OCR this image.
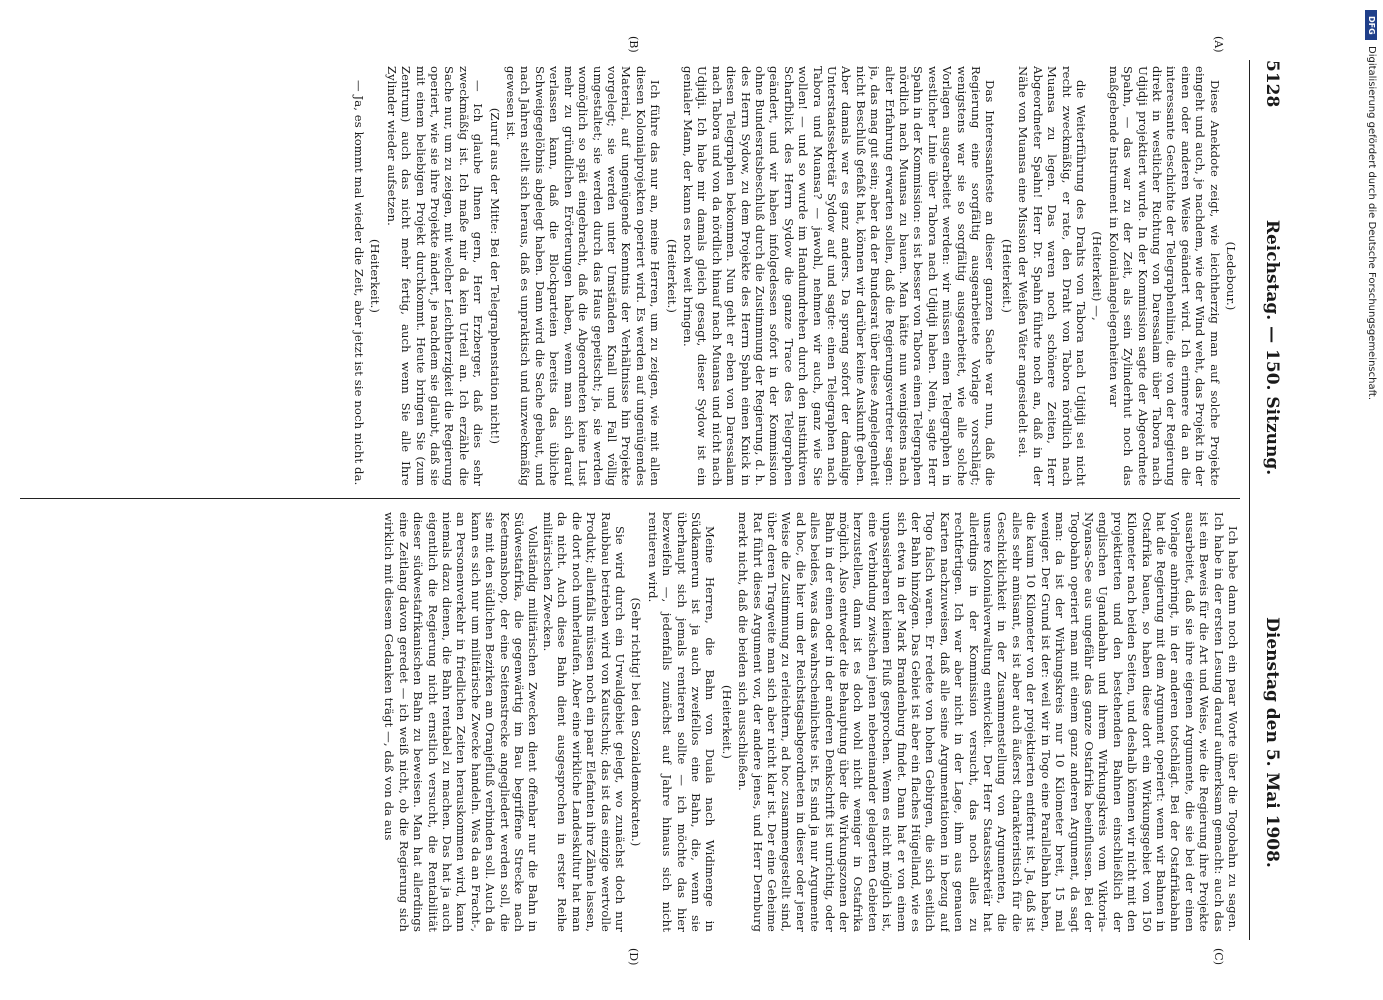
5128
Reichstag. — 150. Sitzung.
Dienstag den 5. Mai 1908.
(A)
(B)
(C)
(D)

(Ledebour.)

Diese Anekdote zeigt, wie leichtherzig man auf solche Projekte eingeht und auch, je nachdem, wie der Wind weht, das Projekt in der einen oder anderen Weise geändert wird. Ich erinnere da an die interessante Geschichte der Telegraphenlinie, die von der Regierung direkt in westlicher Richtung von Daressalam über Tabora nach Udjidji projektiert wurde. In der Kommission sagte der Abgeordnete Spahn, — das war zu der Zeit, als sein Zylinderhut noch das maßgebende Instrument in Kolonialangelegenheiten war

(Heiterkeit) —,

die Weiterführung des Drahts von Tabora nach Udjidji sei nicht recht zweckmäßig, er rate, den Draht von Tabora nördlich nach Muansa zu legen. Das waren noch schönere Zeiten, Herr Abgeordneter Spahn! Herr Dr. Spahn führte noch an, daß in der Nähe von Muansa eine Mission der Weißen Väter angesiedelt sei.

(Heiterkeit.)

Das Interessanteste an dieser ganzen Sache war nun, daß die Regierung eine sorgfältig ausgearbeitete Vorlage vorschlägt; wenigstens war sie so sorgfältig ausgearbeitet, wie alle solche Vorlagen ausgearbeitet werden: wir müssen einen Telegraphen in westlicher Linie über Tabora nach Udjidji haben. Nein, sagte Herr Spahn in der Kommission: es ist besser von Tabora einen Telegraphen nördlich nach Muansa zu bauen. Man hätte nun wenigstens nach alter Erfahrung erwarten sollen, daß die Regierungsvertreter sagen: ja, das mag gut sein; aber da der Bundesrat über diese Angelegenheit nicht Beschluß gefaßt hat, können wir darüber keine Auskunft geben. Aber damals war es ganz anders. Da sprang sofort der damalige Unterstaatssekretär Sydow auf und sagte: einen Telegraphen nach Tabora und Muansa? — jawohl, nehmen wir auch, ganz wie Sie wollen! — und so wurde im Handumdrehen durch den instinktiven Scharfblick des Herrn Sydow die ganze Trace des Telegraphen geändert, und wir haben infolgedessen sofort in der Kommission ohne Bundesratsbeschluß durch die Zustimmung der Regierung, d. h. des Herrn Sydow, zu dem Projekte des Herrn Spahn einen Knick in diesen Telegraphen bekommen. Nun geht er eben von Daressalam nach Tabora und von da nördlich hinauf nach Muansa und nicht nach Udjidji. Ich habe mir damals gleich gesagt, dieser Sydow ist ein genialer Mann, der kann es noch weit bringen.

(Heiterkeit.)

Ich führe das nur an, meine Herren, um zu zeigen, wie mit allen diesen Kolonialprojekten operiert wird. Es werden auf ungenügendes Material, auf ungenügende Kenntnis der Verhältnisse hin Projekte vorgelegt; sie werden unter Umständen Knall und Fall völlig umgestaltet; sie werden durch das Haus gepeitscht; ja, sie werden womöglich so spät eingebracht, daß die Abgeordneten keine Lust mehr zu gründlichen Erörterungen haben, wenn man sich darauf verlassen kann, daß die Blockparteien bereits das übliche Schweigegelöbnis abgelegt haben. Dann wird die Sache gebaut, und nach Jahren stellt sich heraus, daß es unpraktisch und unzweckmäßig gewesen ist.

(Zuruf aus der Mitte: Bei der Telegraphenstation nicht!)

— Ich glaube Ihnen gern, Herr Erzberger, daß dies sehr zweckmäßig ist. Ich maße mir da kein Urteil an. Ich erzähle die Sache nur, um zu zeigen, mit welcher Leichtherzigkeit die Regierung operiert, wie sie ihre Projekte ändert, je nachdem sie glaubt, daß sie mit einem beliebigen Projekt durchkommt. Heute bringen Sie (zum Zentrum) auch das nicht mehr fertig, auch wenn Sie alle Ihre Zylinder wieder aufsetzen.

(Heiterkeit.)

— Ja, es kommt mal wieder die Zeit, aber jetzt ist sie noch nicht da.

Ich habe dann noch ein paar Worte über die Togobahn zu sagen. Ich habe in der ersten Lesung darauf aufmerksam gemacht: auch das ist ein Beweis für die Art und Weise, wie die Regierung ihre Projekte ausarbeitet, daß sie ihre eigenen Argumente, die sie bei der einen Vorlage anbringt, in der anderen totschlägt. Bei der Ostafrikabahn hat die Regierung mit dem Argument operiert: wenn wir Bahnen in Ostafrika bauen, so haben diese dort ein Wirkungsgebiet von 150 Kilometer nach beiden Seiten, und deshalb können wir nicht mit den projektierten und den bestehenden Bahnen einschließlich der englischen Ugandabahn und ihrem Wirkungskreis vom Viktoria-Nyansa-See aus ungefähr das ganze Ostafrika beeinflussen. Bei der Togobahn operiert man mit einem ganz anderen Argument, da sagt man: da ist der Wirkungskreis nur 10 Kilometer breit, 15 mal weniger. Der Grund ist der: weil wir in Togo eine Parallelbahn haben, die kaum 10 Kilometer von der projektierten entfernt ist. Ja, daß ist alles sehr amüsant, es ist aber auch äußerst charakteristisch für die Geschicklichkeit in der Zusammenstellung von Argumenten, die unsere Kolonialverwaltung entwickelt. Der Herr Staatssekretär hat allerdings in der Kommission versucht, das noch alles zu rechtfertigen. Ich war aber nicht in der Lage, ihm aus genauen Karten nachzuweisen, daß alle seine Argumentationen in bezug auf Togo falsch waren. Er redete von hohen Gebirgen, die sich seitlich der Bahn hinzögen. Das Gebiet ist aber ein flaches Hügelland, wie es sich etwa in der Mark Brandenburg findet. Dann hat er von einem unpassierbaren kleinen Fluß gesprochen. Wenn es nicht möglich ist, eine Verbindung zwischen jenen nebeneinander gelagerten Gebieten herzustellen, dann ist es doch wohl nicht weniger in Ostafrika möglich. Also entweder die Behauptung über die Wirkungszonen der Bahn in der einen oder in der anderen Denkschrift ist unrichtig, oder alles beides, was das wahrscheinlichste ist. Es sind ja nur Argumente ad hoc, die hier um der Reichstagsabgeordneten in dieser oder jener Weise die Zustimmung zu erleichtern, ad hoc zusammengestellt sind, über deren Tragweite man sich aber nicht klar ist. Der eine Geheime Rat führt dieses Argument vor, der andere jenes, und Herr Dernburg merkt nicht, daß die beiden sich ausschließen.

(Heiterkeit.)

Meine Herren, die Bahn von Duala nach Widimenge in Südkamerun ist ja auch zweifellos eine Bahn, die, wenn sie überhaupt sich jemals rentieren sollte — ich möchte das hier bezweifeln —, jedenfalls zunächst auf Jahre hinaus sich nicht rentieren wird.

(Sehr richtig! bei den Sozialdemokraten.)

Sie wird durch ein Urwaldgebiet gelegt, wo zunächst doch nur Raubbau betrieben wird von Kautschuk; das ist das einzige wertvolle Produkt; allenfalls müssen noch ein paar Elefanten ihre Zähne lassen, die dort noch umherlaufen. Aber eine wirkliche Landeskultur hat man da nicht. Auch diese Bahn dient ausgesprochen in erster Reihe militärischen Zwecken.

Vollständig militärischen Zwecken dient offenbar nur die Bahn in Südwestafrika, die gegenwärtig im Bau begriffene Strecke nach Keetmanshoop, der eine Seitenstrecke angegliedert werden soll, die sie mit den südlichen Bezirken am Oranjefluß verbinden soll. Auch da kann es sich nur um militärische Zwecke handeln. Was da an Fracht-, an Personenverkehr in friedlichen Zeiten herauskommen wird, kann niemals dazu dienen, die Bahn rentabel zu machen. Das hat ja auch eigentlich die Regierung nicht ernstlich versucht, die Rentabilität dieser südwestafrikanischen Bahn zu beweisen. Man hat allerdings eine Zeitlang davon geredet — ich weiß nicht, ob die Regierung sich wirklich mit diesem Gedanken trägt —, daß von da aus

DFG
Digitalisierung gefördert durch die Deutsche Forschungsgemeinschaft.
